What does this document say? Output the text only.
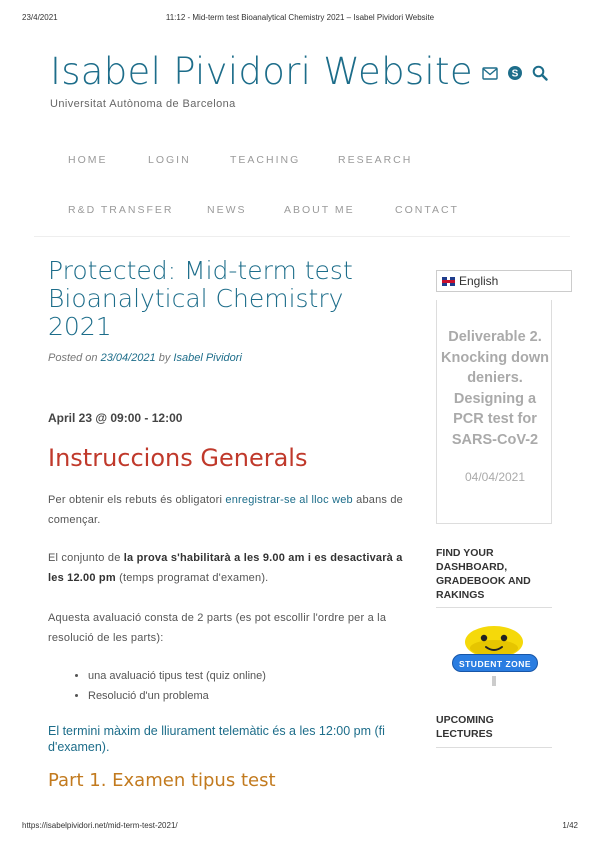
23/4/2021	11:12 - Mid-term test Bioanalytical Chemistry 2021 – Isabel Pividori Website
Isabel Pividori Website
Universitat Autònoma de Barcelona
S
HOME	LOGIN	TEACHING	RESEARCH
R&D TRANSFER	NEWS	ABOUT ME	CONTACT
Protected: Mid-term test Bioanalytical Chemistry 2021
Posted on 23/04/2021 by Isabel Pividori
April 23 @ 09:00 - 12:00
Instruccions Generals

Per obtenir els rebuts és obligatori enregistrar-se al lloc web abans de començar.

El conjunto de la prova s'habilitarà a les 9.00 am i es desactivarà a les 12.00 pm (temps programat d'examen).

Aquesta avaluació consta de 2 parts (es pot escollir l'ordre per a la resolució de les parts):

• una avaluació tipus test (quiz online)
• Resolució d'un problema
El termini màxim de lliurament telemàtic és a les 12:00 pm (fi d'examen).
Part 1. Examen tipus test
English

Deliverable 2. Knocking down deniers. Designing a PCR test for SARS-CoV-2

04/04/2021

FIND YOUR DASHBOARD, GRADEBOOK AND RAKINGS

STUDENT ZONE

UPCOMING LECTURES

https://isabelpividori.net/mid-term-test-2021/	1/42
